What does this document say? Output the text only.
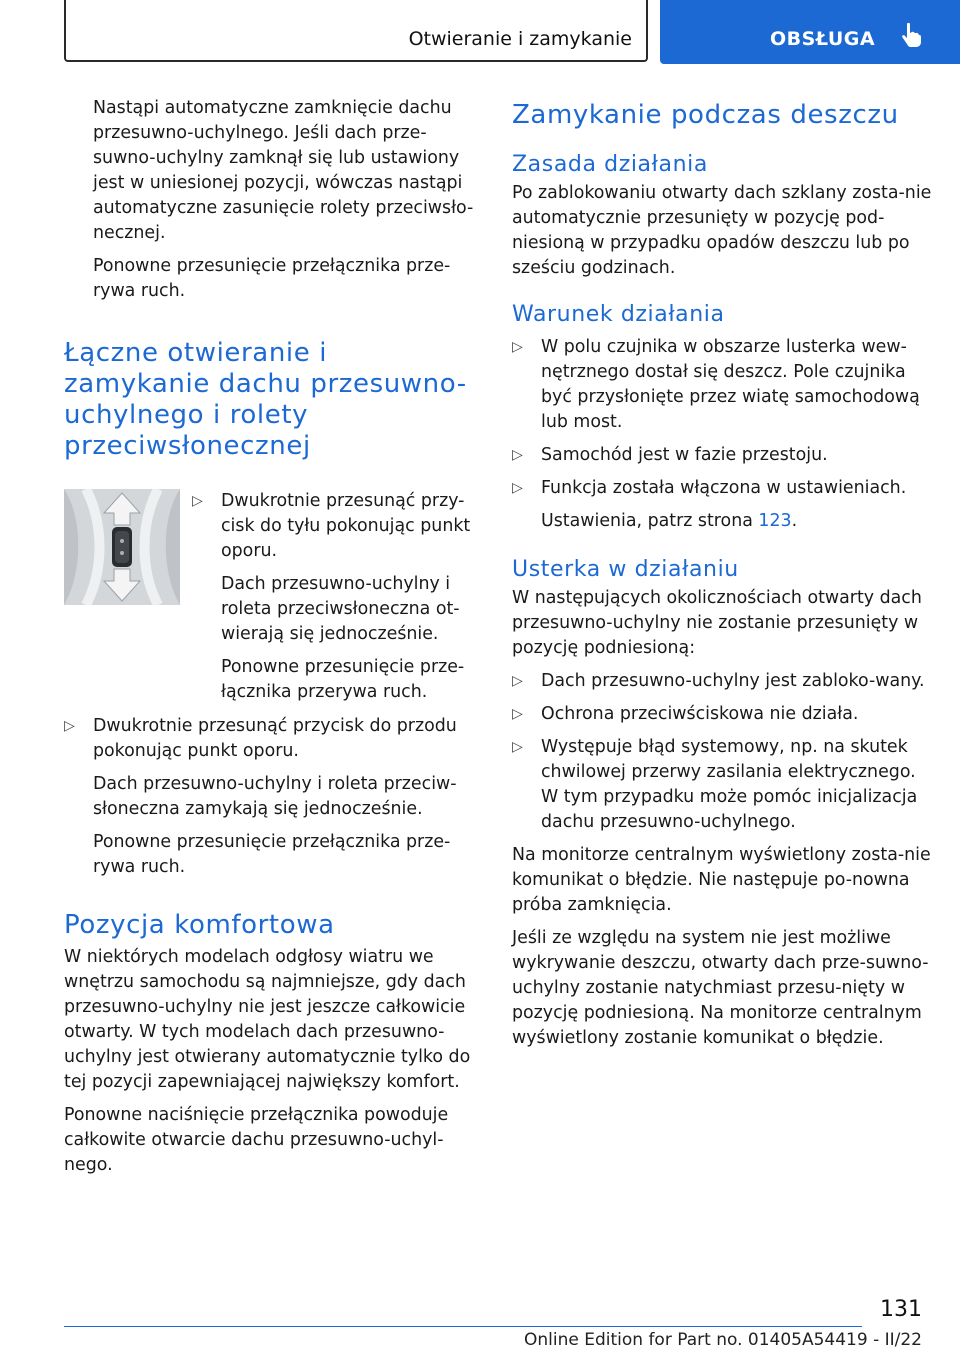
Otwieranie i zamykanie	OBSŁUGA

Nastąpi automatyczne zamknięcie dachu przesuwno-uchylnego. Jeśli dach prze-suwno-uchylny zamknął się lub ustawiony jest w uniesionej pozycji, wówczas nastąpi automatyczne zasunięcie rolety przeciwsło-necznej.

Ponowne przesunięcie przełącznika prze-rywa ruch.

Łączne otwieranie i zamykanie dachu przesuwno-uchylnego i rolety przeciwsłonecznej
▷ Dwukrotnie przesunąć przy-cisk do tyłu pokonując punkt oporu.

Dach przesuwno-uchylny i roleta przeciwsłoneczna ot-wierają się jednocześnie.

Ponowne przesunięcie prze-łącznika przerywa ruch.

▷ Dwukrotnie przesunąć przycisk do przodu pokonując punkt oporu.

Dach przesuwno-uchylny i roleta przeciw-słoneczna zamykają się jednocześnie.

Ponowne przesunięcie przełącznika prze-rywa ruch.

Pozycja komfortowa

W niektórych modelach odgłosy wiatru we wnętrzu samochodu są najmniejsze, gdy dach przesuwno-uchylny nie jest jeszcze całkowicie otwarty. W tych modelach dach przesuwno-uchylny jest otwierany automatycznie tylko do tej pozycji zapewniającej największy komfort.

Ponowne naciśnięcie przełącznika powoduje całkowite otwarcie dachu przesuwno-uchyl-nego.

Zamykanie podczas deszczu
Zasada działania

Po zablokowaniu otwarty dach szklany zosta-nie automatycznie przesunięty w pozycję pod-niesioną w przypadku opadów deszczu lub po sześciu godzinach.

Warunek działania
▷ W polu czujnika w obszarze lusterka wew-nętrznego dostał się deszcz. Pole czujnika być przysłonięte przez wiatę samochodową lub most.

▷ Samochód jest w fazie przestoju.

▷ Funkcja została włączona w ustawieniach.

Ustawienia, patrz strona 123.

Usterka w działaniu

W następujących okolicznościach otwarty dach przesuwno-uchylny nie zostanie przesunięty w pozycję podniesioną:

▷ Dach przesuwno-uchylny jest zabloko-wany.

▷ Ochrona przeciwściskowa nie działa.

▷ Występuje błąd systemowy, np. na skutek chwilowej przerwy zasilania elektrycznego. W tym przypadku może pomóc inicjalizacja dachu przesuwno-uchylnego.

Na monitorze centralnym wyświetlony zosta-nie komunikat o błędzie. Nie następuje po-nowna próba zamknięcia.

Jeśli ze względu na system nie jest możliwe wykrywanie deszczu, otwarty dach prze-suwno-uchylny zostanie natychmiast przesu-nięty w pozycję podniesioną. Na monitorze centralnym wyświetlony zostanie komunikat o błędzie.

131
Online Edition for Part no. 01405A54419 - II/22
